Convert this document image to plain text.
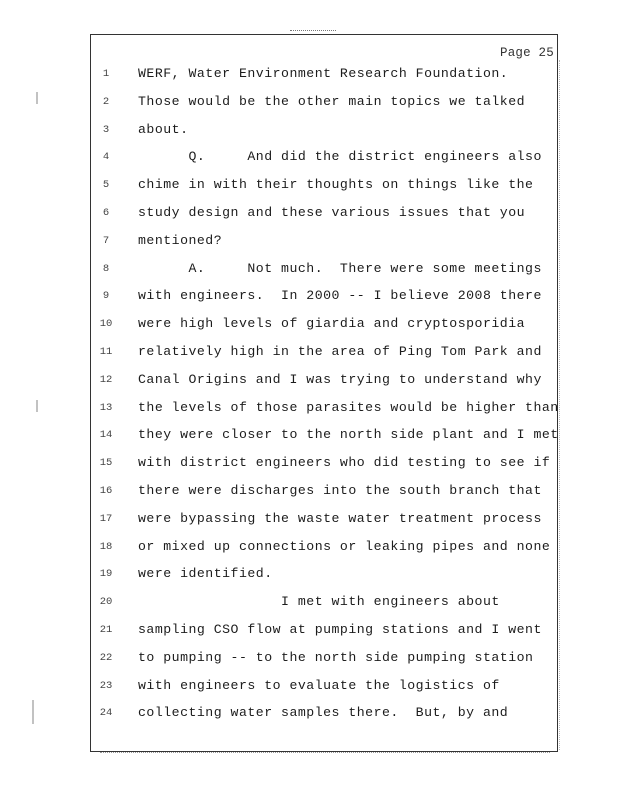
Page 25
1	WERF, Water Environment Research Foundation.
2	Those would be the other main topics we talked
3	about.
4	Q.     And did the district engineers also
5	chime in with their thoughts on things like the
6	study design and these various issues that you
7	mentioned?
8	A.     Not much.  There were some meetings
9	with engineers.  In 2000 -- I believe 2008 there
10 were high levels of giardia and cryptosporidia
11 relatively high in the area of Ping Tom Park and
12 Canal Origins and I was trying to understand why
13 the levels of those parasites would be higher than
14 they were closer to the north side plant and I met
15 with district engineers who did testing to see if
16 there were discharges into the south branch that
17 were bypassing the waste water treatment process
18 or mixed up connections or leaking pipes and none
19 were identified.
20 I met with engineers about
21 sampling CSO flow at pumping stations and I went
22 to pumping -- to the north side pumping station
23 with engineers to evaluate the logistics of
24 collecting water samples there.  But, by and
